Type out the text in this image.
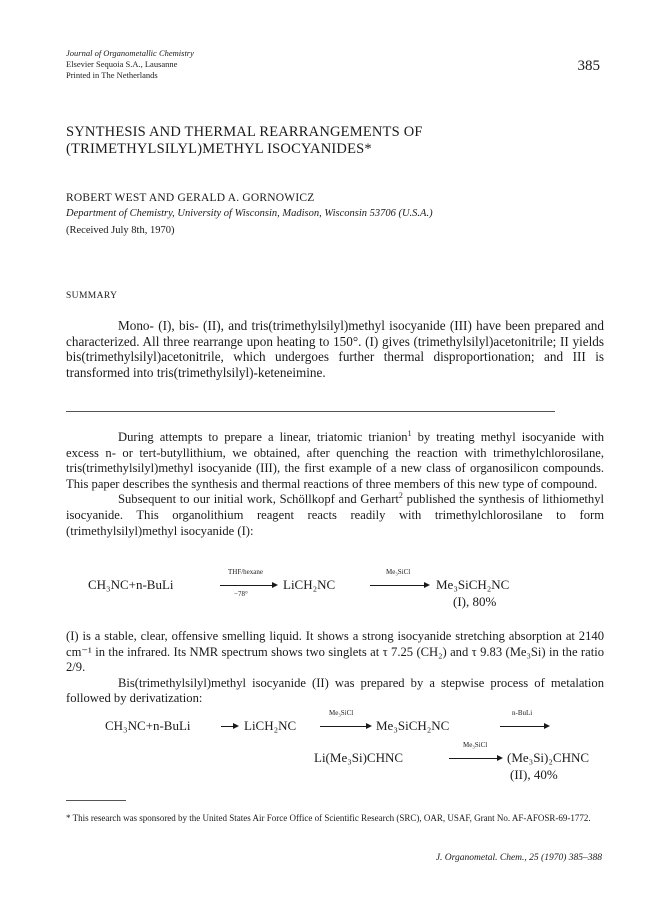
Journal of Organometallic Chemistry
Elsevier Sequoia S.A., Lausanne
Printed in The Netherlands
385
SYNTHESIS AND THERMAL REARRANGEMENTS OF
(TRIMETHYLSILYL)METHYL ISOCYANIDES*
ROBERT WEST AND GERALD A. GORNOWICZ
Department of Chemistry, University of Wisconsin, Madison, Wisconsin 53706 (U.S.A.)
(Received July 8th, 1970)
SUMMARY

Mono- (I), bis- (II), and tris(trimethylsilyl)methyl isocyanide (III) have been prepared and characterized. All three rearrange upon heating to 150°. (I) gives (trimethylsilyl)acetonitrile; II yields bis(trimethylsilyl)acetonitrile, which undergoes further thermal disproportionation; and III is transformed into tris(trimethylsilyl)-keteneimine.

During attempts to prepare a linear, triatomic trianion$^1$ by treating methyl isocyanide with excess n- or tert-butyllithium, we obtained, after quenching the reaction with trimethylchlorosilane, tris(trimethylsilyl)methyl isocyanide (III), the first example of a new class of organosilicon compounds. This paper describes the synthesis and thermal reactions of three members of this new type of compound.

Subsequent to our initial work, Schöllkopf and Gerhart$^2$ published the synthesis of lithiomethyl isocyanide. This organolithium reagent reacts readily with trimethylchlorosilane to form (trimethylsilyl)methyl isocyanide (I):

CH₃NC+n-BuLi
THF/hexane
−78°
LiCH₂NC
Me₃SiCl
Me₃SiCH₂NC
(I), 80%

(I) is a stable, clear, offensive smelling liquid. It shows a strong isocyanide stretching absorption at 2140 cm⁻¹ in the infrared. Its NMR spectrum shows two singlets at τ 7.25 (CH₂) and τ 9.83 (Me₃Si) in the ratio 2/9.

Bis(trimethylsilyl)methyl isocyanide (II) was prepared by a stepwise process of metalation followed by derivatization:

CH₃NC+n-BuLi	LiCH₂NC
Me₃SiCl
Me₃SiCH₂NC
n-BuLi
Li(Me₃Si)CHNC
Me₃SiCl
(Me₃Si)₂CHNC
(II), 40%
* This research was sponsored by the United States Air Force Office of Scientific Research (SRC), OAR, USAF, Grant No. AF-AFOSR-69-1772.
J. Organometal. Chem., 25 (1970) 385–388
